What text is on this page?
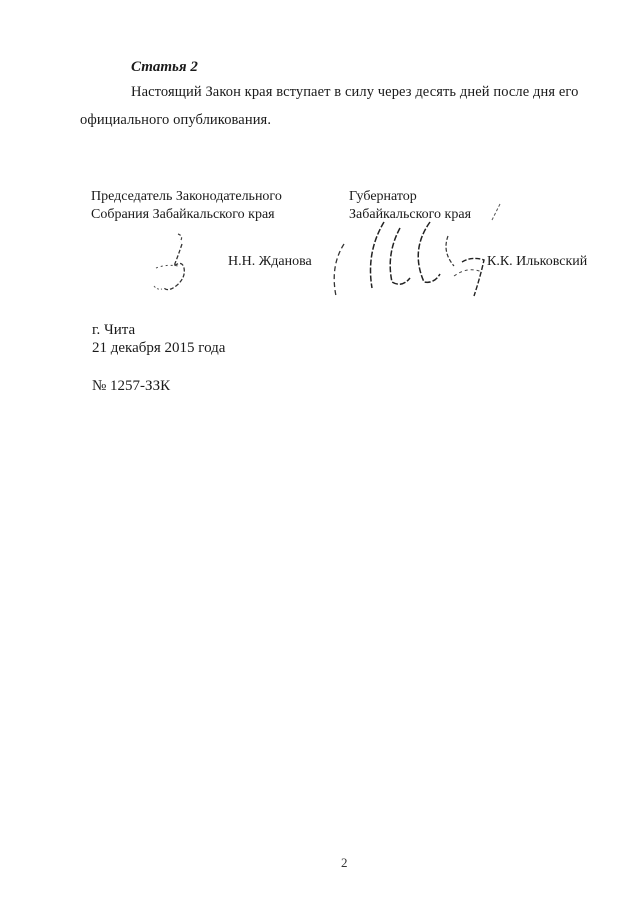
Статья 2
Настоящий Закон края вступает в силу через десять дней после дня его
официального опубликования.
Председатель Законодательного
Собрания Забайкальского края
Губернатор
Забайкальского края
Н.Н. Жданова	К.К. Ильковский
г. Чита
21 декабря 2015 года
№ 1257-ЗЗК
2
